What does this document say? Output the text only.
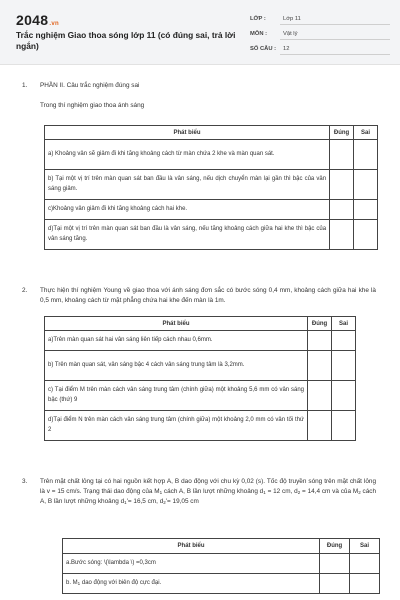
2048.vn
Trắc nghiệm Giao thoa sóng lớp 11 (có đúng sai, trả lời ngắn)
LỚP :	Lớp 11
MÔN :	Vật lý
SỐ CÂU :	12
1. PHẦN II. Câu trắc nghiệm đúng sai
Trong thí nghiệm giao thoa ánh sáng
Phát biểu	Đúng	Sai
a) Khoảng vân sẽ giảm đi khi tăng khoảng cách từ màn chứa 2 khe và màn quan sát.		
b) Tại một vị trí trên màn quan sát ban đầu là vân sáng, nếu dịch chuyển màn lại gần thì bậc của vân sáng giảm.		
c)Khoảng vân giảm đi khi tăng khoảng cách hai khe.		
d)Tại một vị trí trên màn quan sát ban đầu là vân sáng, nếu tăng khoảng cách giữa hai khe thì bậc của vân sáng tăng.		
2. Thực hiện thí nghiệm Young về giao thoa với ánh sáng đơn sắc có bước sóng 0,4 mm, khoảng cách giữa hai khe là 0,5 mm, khoảng cách từ mặt phẳng chứa hai khe đến màn là 1m.
Phát biểu	Đúng	Sai
a)Trên màn quan sát hai vân sáng liên tiếp cách nhau 0,6mm.		
b) Trên màn quan sát, vân sáng bậc 4 cách vân sáng trung tâm là 3,2mm.		
c) Tại điểm M trên màn cách vân sáng trung tâm (chính giữa) một khoảng 5,6 mm có vân sáng bậc (thứ) 9		
d)Tại điểm N trên màn cách vân sáng trung tâm (chính giữa) một khoảng 2,0 mm có vân tối thứ 2		
3. Trên mặt chất lỏng tại có hai nguồn kết hợp A, B dao động với chu kỳ 0,02 (s). Tốc độ truyền sóng trên mặt chất lỏng là v = 15 cm/s. Trạng thái dao động của $M_1$ cách A, B lần lượt những khoảng $d_1 = 12$ cm, $d_2 = 14,4$ cm và của $M_2$ cách A, B lần lượt những khoảng $d_1'= 16,5$ cm, $d_2'= 19,05$ cm
Phát biểu	Đúng	Sai
a.Bước sóng: \(\lambda \) =0,3cm		
b. $M_1$ dao động với biên độ cực đại.		
